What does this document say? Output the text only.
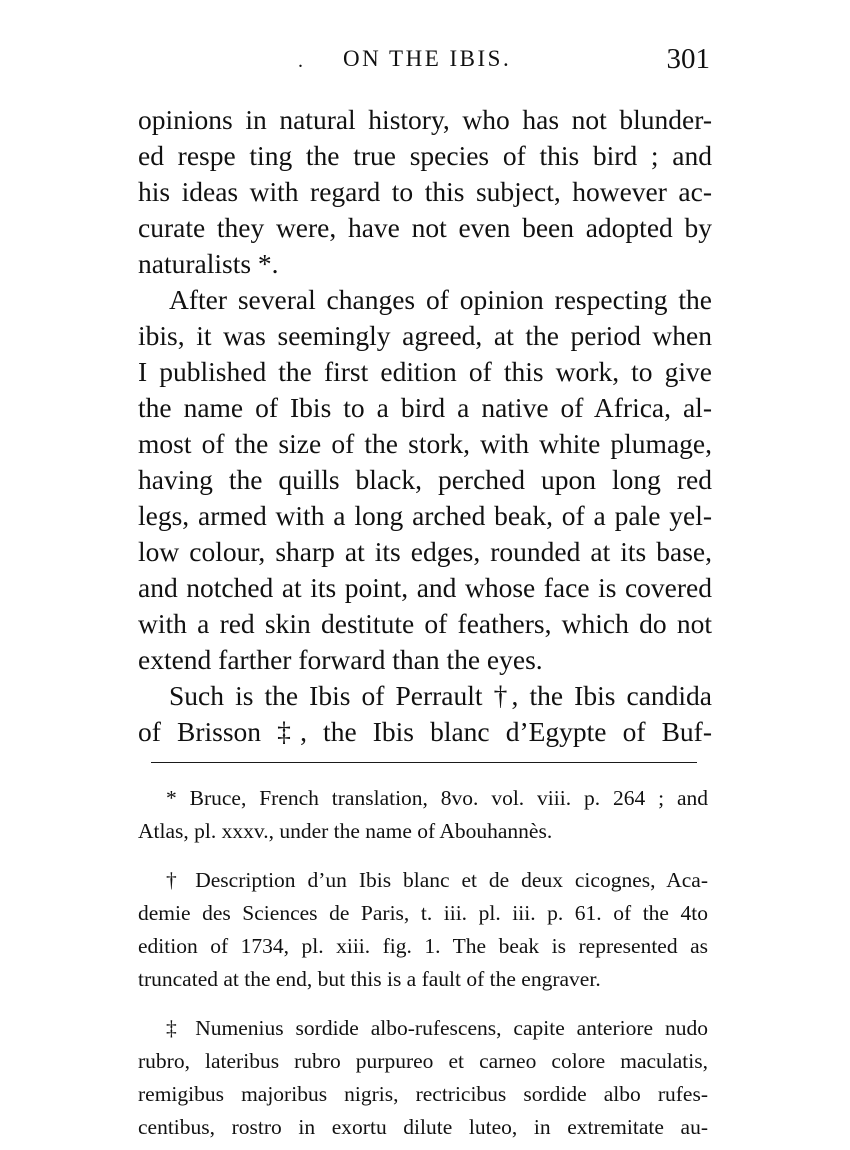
. ON THE IBIS.	301
opinions in natural history, who has not blunder-
ed respe ting the true species of this bird ; and
his ideas with regard to this subject, however ac-
curate they were, have not even been adopted by
naturalists *.
After several changes of opinion respecting the
ibis, it was seemingly agreed, at the period when
I published the first edition of this work, to give
the name of Ibis to a bird a native of Africa, al-
most of the size of the stork, with white plumage,
having the quills black, perched upon long red
legs, armed with a long arched beak, of a pale yel-
low colour, sharp at its edges, rounded at its base,
and notched at its point, and whose face is covered
with a red skin destitute of feathers, which do not
extend farther forward than the eyes.
Such is the Ibis of Perrault †, the Ibis candida
of Brisson ‡, the Ibis blanc d’Egypte of Buf-
* Bruce, French translation, 8vo. vol. viii. p. 264 ; and
Atlas, pl. xxxv., under the name of Abouhannès.
† Description d’un Ibis blanc et de deux cicognes, Aca-
demie des Sciences de Paris, t. iii. pl. iii. p. 61. of the 4to
edition of 1734, pl. xiii. fig. 1. The beak is represented as
truncated at the end, but this is a fault of the engraver.
‡ Numenius sordide albo-rufescens, capite anteriore nudo
rubro, lateribus rubro purpureo et carneo colore maculatis,
remigibus majoribus nigris, rectricibus sordide albo rufes-
centibus, rostro in exortu dilute luteo, in extremitate au-
